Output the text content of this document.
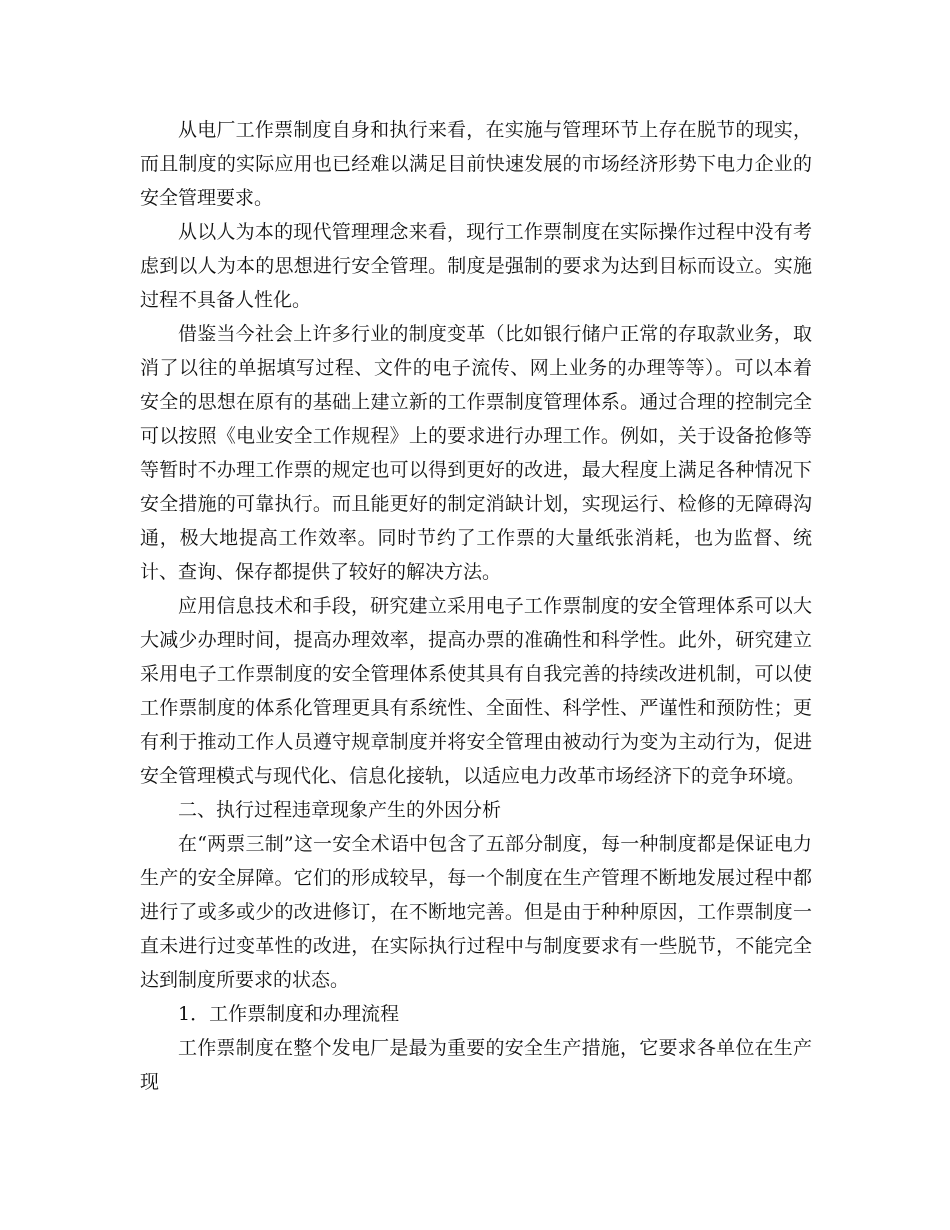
从电厂工作票制度自身和执行来看，在实施与管理环节上存在脱节的现实，而且制度的实际应用也已经难以满足目前快速发展的市场经济形势下电力企业的安全管理要求。

从以人为本的现代管理理念来看，现行工作票制度在实际操作过程中没有考虑到以人为本的思想进行安全管理。制度是强制的要求为达到目标而设立。实施过程不具备人性化。

借鉴当今社会上许多行业的制度变革（比如银行储户正常的存取款业务，取消了以往的单据填写过程、文件的电子流传、网上业务的办理等等）。可以本着安全的思想在原有的基础上建立新的工作票制度管理体系。通过合理的控制完全可以按照《电业安全工作规程》上的要求进行办理工作。例如，关于设备抢修等等暂时不办理工作票的规定也可以得到更好的改进，最大程度上满足各种情况下安全措施的可靠执行。而且能更好的制定消缺计划，实现运行、检修的无障碍沟通，极大地提高工作效率。同时节约了工作票的大量纸张消耗，也为监督、统计、查询、保存都提供了较好的解决方法。

应用信息技术和手段，研究建立采用电子工作票制度的安全管理体系可以大大减少办理时间，提高办理效率，提高办票的准确性和科学性。此外，研究建立采用电子工作票制度的安全管理体系使其具有自我完善的持续改进机制，可以使工作票制度的体系化管理更具有系统性、全面性、科学性、严谨性和预防性；更有利于推动工作人员遵守规章制度并将安全管理由被动行为变为主动行为，促进安全管理模式与现代化、信息化接轨，以适应电力改革市场经济下的竞争环境。

二、执行过程违章现象产生的外因分析

在“两票三制”这一安全术语中包含了五部分制度，每一种制度都是保证电力生产的安全屏障。它们的形成较早，每一个制度在生产管理不断地发展过程中都进行了或多或少的改进修订，在不断地完善。但是由于种种原因，工作票制度一直未进行过变革性的改进，在实际执行过程中与制度要求有一些脱节，不能完全达到制度所要求的状态。

1．工作票制度和办理流程

工作票制度在整个发电厂是最为重要的安全生产措施，它要求各单位在生产现
